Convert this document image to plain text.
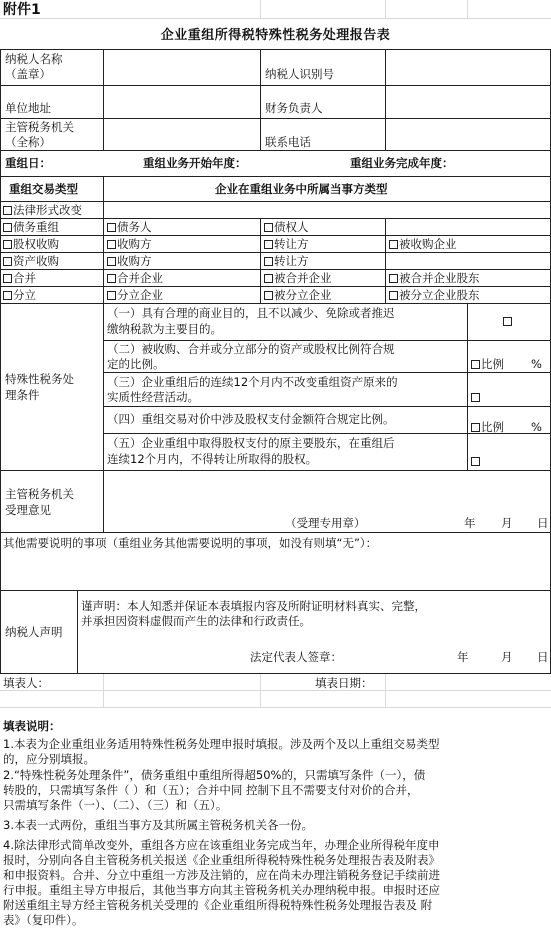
附件1
企业重组所得税特殊性税务处理报告表
纳税人名称
（盖章）	纳税人识别号
单位地址	财务负责人
主管税务机关
（全称）	联系电话
重组日：	重组业务开始年度：	重组业务完成年度：
重组交易类型	企业在重组业务中所属当事方类型
法律形式改变
债务重组	债务人	债权人
股权收购	收购方	转让方	被收购企业
资产收购	收购方	转让方
合并	合并企业	被合并企业	被合并企业股东
分立	分立企业	被分立企业	被分立企业股东
特殊性税务处
理条件
（一）具有合理的商业目的，且不以减少、免除或者推迟
缴纳税款为主要目的。
（二）被收购、合并或分立部分的资产或股权比例符合规
定的比例。	比例 %
（三）企业重组后的连续12个月内不改变重组资产原来的
实质性经营活动。
（四）重组交易对价中涉及股权支付金额符合规定比例。
比例 %
（五）企业重组中取得股权支付的原主要股东，在重组后
连续12个月内，不得转让所取得的股权。
主管税务机关
受理意见
（受理专用章）	年 月 日
其他需要说明的事项（重组业务其他需要说明的事项，如没有则填“无”）：
纳税人声明
谨声明：本人知悉并保证本表填报内容及所附证明材料真实、完整，
并承担因资料虚假而产生的法律和行政责任。
法定代表人签章：	年	月 日
填表人：	填表日期：
填表说明：
1.本表为企业重组业务适用特殊性税务处理申报时填报。涉及两个及以上重组交易类型
的，应分别填报。
2.“特殊性税务处理条件”，债务重组中重组所得超50%的，只需填写条件（一），债
转股的，只需填写条件（ ）和（五）；合并中同 控制下且不需要支付对价的合并，
只需填写条件（一）、（二）、（三）和（五）。
3.本表一式两份，重组当事方及其所属主管税务机关各一份。
4.除法律形式简单改变外，重组各方应在该重组业务完成当年，办理企业所得税年度申
报时，分别向各自主管税务机关报送《企业重组所得税特殊性税务处理报告表及附表》
和申报资料。合并、分立中重组一方涉及注销的，应在尚未办理注销税务登记手续前进
行申报。重组主导方申报后，其他当事方向其主管税务机关办理纳税申报。申报时还应
附送重组主导方经主管税务机关受理的《企业重组所得税特殊性税务处理报告表及 附
表》（复印件）。
